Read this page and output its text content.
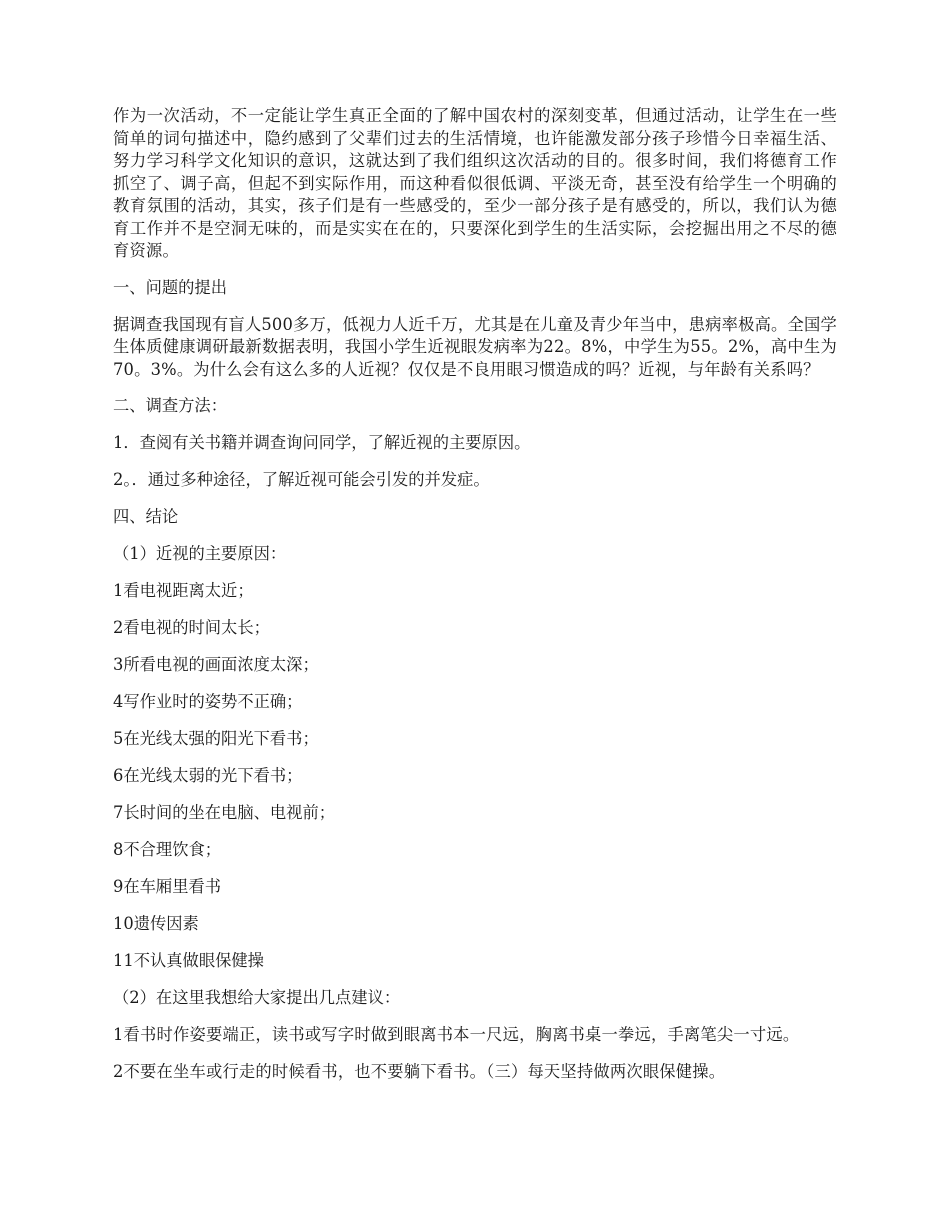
作为一次活动，不一定能让学生真正全面的了解中国农村的深刻变革，但通过活动，让学生在一些简单的词句描述中，隐约感到了父辈们过去的生活情境，也许能激发部分孩子珍惜今日幸福生活、努力学习科学文化知识的意识，这就达到了我们组织这次活动的目的。很多时间，我们将德育工作抓空了、调子高，但起不到实际作用，而这种看似很低调、平淡无奇，甚至没有给学生一个明确的教育氛围的活动，其实，孩子们是有一些感受的，至少一部分孩子是有感受的，所以，我们认为德育工作并不是空洞无味的，而是实实在在的，只要深化到学生的生活实际，会挖掘出用之不尽的德育资源。

一、问题的提出

据调查我国现有盲人500多万，低视力人近千万，尤其是在儿童及青少年当中，患病率极高。全国学生体质健康调研最新数据表明，我国小学生近视眼发病率为22。8%，中学生为55。2%，高中生为70。3%。为什么会有这么多的人近视？仅仅是不良用眼习惯造成的吗？近视，与年龄有关系吗？

二、调查方法：

1．查阅有关书籍并调查询问同学，了解近视的主要原因。

2。．通过多种途径，了解近视可能会引发的并发症。

四、结论

（1）近视的主要原因：

1看电视距离太近；

2看电视的时间太长；

3所看电视的画面浓度太深；

4写作业时的姿势不正确；

5在光线太强的阳光下看书；

6在光线太弱的光下看书；

7长时间的坐在电脑、电视前；

8不合理饮食；

9在车厢里看书

10遗传因素

11不认真做眼保健操

（2）在这里我想给大家提出几点建议：

1看书时作姿要端正，读书或写字时做到眼离书本一尺远，胸离书桌一拳远，手离笔尖一寸远。

2不要在坐车或行走的时候看书，也不要躺下看书。（三）每天坚持做两次眼保健操。
